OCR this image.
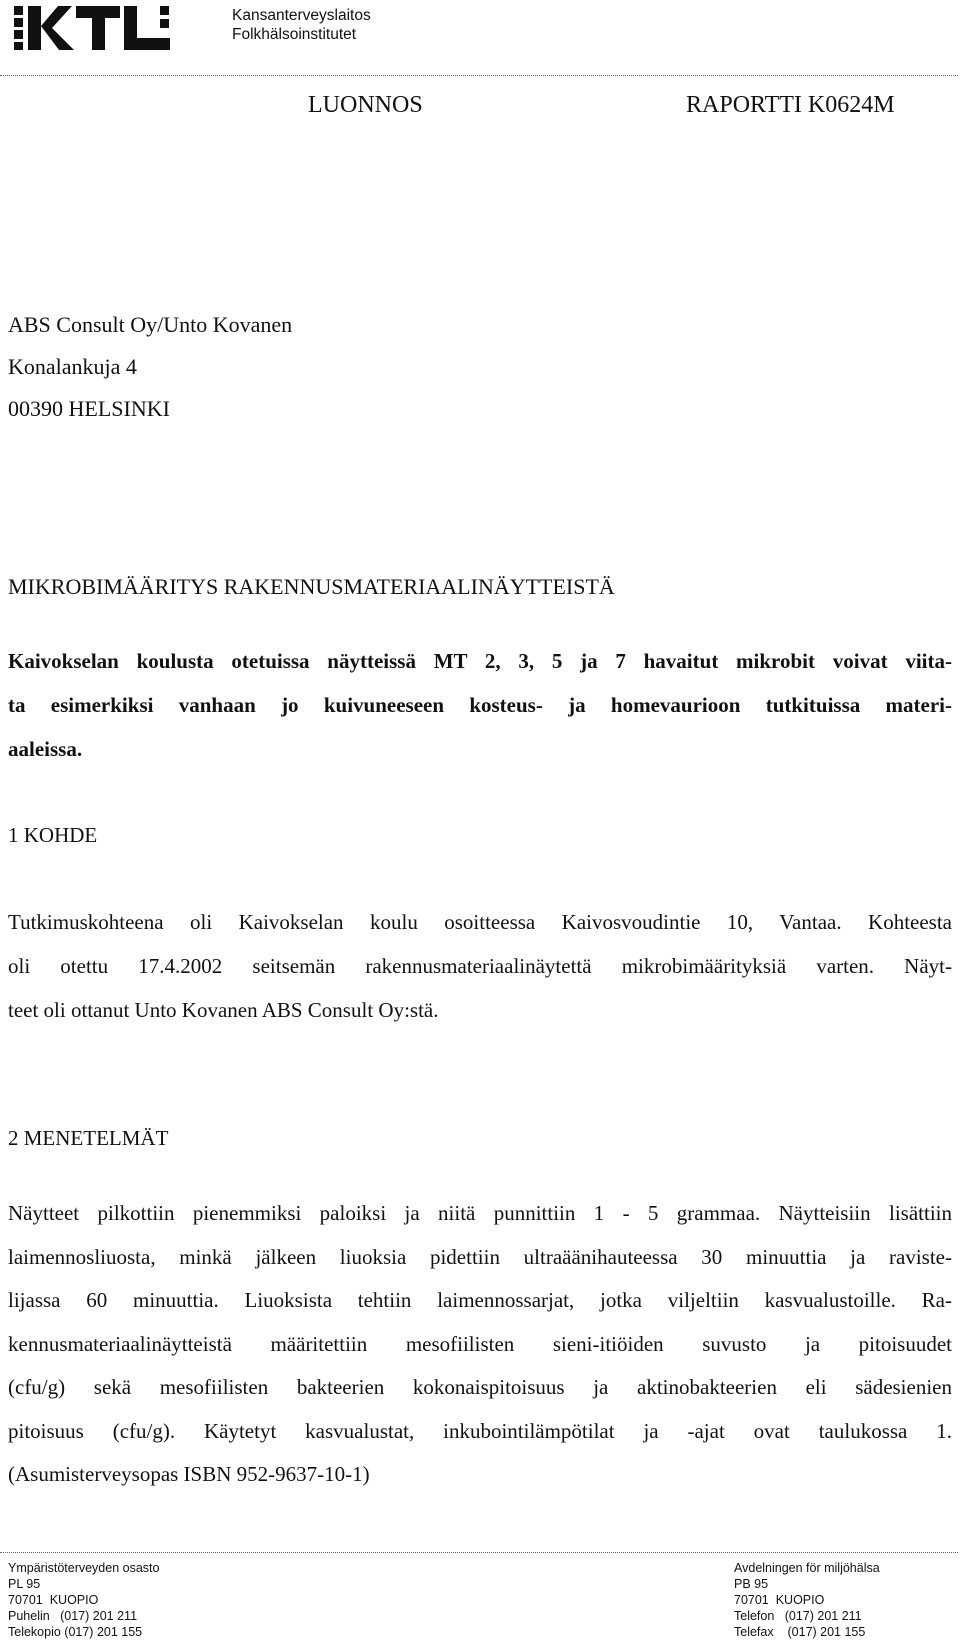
Kansanterveyslaitos
Folkhälsoinstitutet
LUONNOS	RAPORTTI K0624M
ABS Consult Oy/Unto Kovanen
Konalankuja 4
00390 HELSINKI
MIKROBIMÄÄRITYS RAKENNUSMATERIAALINÄYTTEISTÄ
Kaivokselan koulusta otetuissa näytteissä MT 2, 3, 5 ja 7 havaitut mikrobit voivat viita-
ta esimerkiksi vanhaan jo kuivuneeseen kosteus- ja homevaurioon tutkituissa materi-
aaleissa.
1 KOHDE
Tutkimuskohteena oli Kaivokselan koulu osoitteessa Kaivosvoudintie 10, Vantaa. Kohteesta
oli otettu 17.4.2002 seitsemän rakennusmateriaalinäytettä mikrobimäärityksiä varten. Näyt-
teet oli ottanut Unto Kovanen ABS Consult Oy:stä.
2 MENETELMÄT
Näytteet pilkottiin pienemmiksi paloiksi ja niitä punnittiin 1 - 5 grammaa. Näytteisiin lisättiin
laimennosliuosta, minkä jälkeen liuoksia pidettiin ultraäänihauteessa 30 minuuttia ja raviste-
lijassa 60 minuuttia. Liuoksista tehtiin laimennossarjat, jotka viljeltiin kasvualustoille. Ra-
kennusmateriaalinäytteistä määritettiin mesofiilisten sieni-itiöiden suvusto ja pitoisuudet
(cfu/g) sekä mesofiilisten bakteerien kokonaispitoisuus ja aktinobakteerien eli sädesienien
pitoisuus (cfu/g). Käytetyt kasvualustat, inkubointilämpötilat ja -ajat ovat taulukossa 1.
(Asumisterveysopas ISBN 952-9637-10-1)
Ympäristöterveyden osasto
PL 95
70701  KUOPIO
Puhelin   (017) 201 211
Telekopio (017) 201 155
Avdelningen för miljöhälsa
PB 95
70701  KUOPIO
Telefon   (017) 201 211
Telefax    (017) 201 155
